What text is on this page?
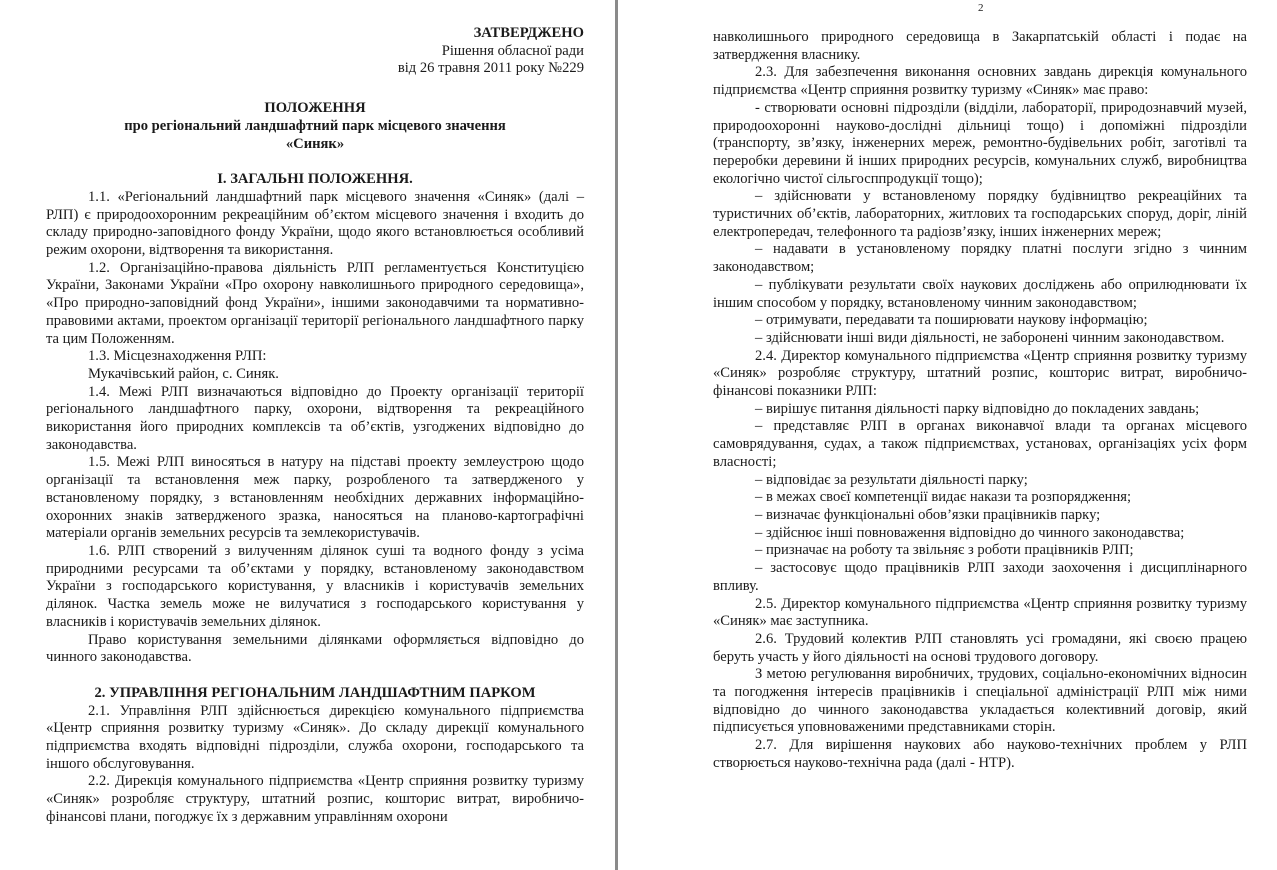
ЗАТВЕРДЖЕНО

Рішення обласної ради

від 26 травня 2011 року №229

ПОЛОЖЕННЯ

про регіональний ландшафтний парк місцевого значення

«Синяк»

І. ЗАГАЛЬНІ ПОЛОЖЕННЯ.

1.1. «Регіональний ландшафтний парк місцевого значення «Синяк» (далі –РЛП) є природоохоронним рекреаційним об’єктом місцевого значення і входить до складу природно-заповідного фонду України, щодо якого встановлюється особливий режим охорони, відтворення та використання.

1.2. Організаційно-правова діяльність РЛП регламентується Конституцією України, Законами України «Про охорону навколишнього природного середовища», «Про природно-заповідний фонд України», іншими законодавчими та нормативно-правовими актами, проектом організації території регіонального ландшафтного парку та цим Положенням.

1.3. Місцезнаходження РЛП:

Мукачівський район, с. Синяк.

1.4. Межі РЛП визначаються відповідно до Проекту організації території регіонального ландшафтного парку, охорони, відтворення та рекреаційного використання його природних комплексів та об’єктів, узгоджених відповідно до законодавства.

1.5. Межі РЛП виносяться в натуру на підставі проекту землеустрою щодо організації та встановлення меж парку, розробленого та затвердженого у встановленому порядку, з встановленням необхідних державних інформаційно-охоронних знаків затвердженого зразка, наносяться на планово-картографічні матеріали органів земельних ресурсів та землекористувачів.

1.6. РЛП створений з вилученням ділянок суші та водного фонду з усіма природними ресурсами та об’єктами у порядку, встановленому законодавством України з господарського користування, у власників і користувачів земельних ділянок. Частка земель може не вилучатися з господарського користування у власників і користувачів земельних ділянок.

Право користування земельними ділянками оформляється відповідно до чинного законодавства.

2. УПРАВЛІННЯ РЕГІОНАЛЬНИМ ЛАНДШАФТНИМ ПАРКОМ

2.1. Управління РЛП здійснюється дирекцією комунального підприємства «Центр сприяння розвитку туризму «Синяк». До складу дирекції комунального підприємства входять відповідні підрозділи, служба охорони, господарського та іншого обслуговування.

2.2. Дирекція комунального підприємства «Центр сприяння розвитку туризму «Синяк» розробляє структуру, штатний розпис, кошторис витрат, виробничо-фінансові плани, погоджує їх з державним управлінням охорони

2

навколишнього природного середовища в Закарпатській області і подає на затвердження власнику.

2.3. Для забезпечення виконання основних завдань дирекція комунального підприємства «Центр сприяння розвитку туризму «Синяк» має право:

- створювати основні підрозділи (відділи, лабораторії, природознавчий музей, природоохоронні науково-дослідні дільниці тощо) і допоміжні підрозділи (транспорту, зв’язку, інженерних мереж, ремонтно-будівельних робіт, заготівлі та переробки деревини й інших природних ресурсів, комунальних служб, виробництва екологічно чистої сільгосппродукції тощо);

– здійснювати у встановленому порядку будівництво рекреаційних та туристичних об’єктів, лабораторних, житлових та господарських споруд, доріг, ліній електропередач, телефонного та радіозв’язку, інших інженерних мереж;

– надавати в установленому порядку платні послуги згідно з чинним законодавством;

– публікувати результати своїх наукових досліджень або оприлюднювати їх іншим способом у порядку, встановленому чинним законодавством;

– отримувати, передавати та поширювати наукову інформацію;

– здійснювати інші види діяльності, не заборонені чинним законодавством.

2.4. Директор комунального підприємства «Центр сприяння розвитку туризму «Синяк» розробляє структуру, штатний розпис, кошторис витрат, виробничо-фінансові показники РЛП:

– вирішує питання діяльності парку відповідно до покладених завдань;

– представляє РЛП в органах виконавчої влади та органах місцевого самоврядування, судах, а також підприємствах, установах, організаціях усіх форм власності;

– відповідає за результати діяльності парку;

– в межах своєї компетенції видає накази та розпорядження;

– визначає функціональні обов’язки працівників парку;

– здійснює інші повноваження відповідно до чинного законодавства;

– призначає на роботу та звільняє з роботи працівників РЛП;

– застосовує щодо працівників РЛП заходи заохочення і дисциплінарного впливу.

2.5. Директор комунального підприємства «Центр сприяння розвитку туризму «Синяк» має заступника.

2.6. Трудовий колектив РЛП становлять усі громадяни, які своєю працею беруть участь у його діяльності на основі трудового договору.

З метою регулювання виробничих, трудових, соціально-економічних відносин та погодження інтересів працівників і спеціальної адміністрації РЛП між ними відповідно до чинного законодавства укладається колективний договір, який підписується уповноваженими представниками сторін.

2.7. Для вирішення наукових або науково-технічних проблем у РЛП створюється науково-технічна рада (далі - НТР).
